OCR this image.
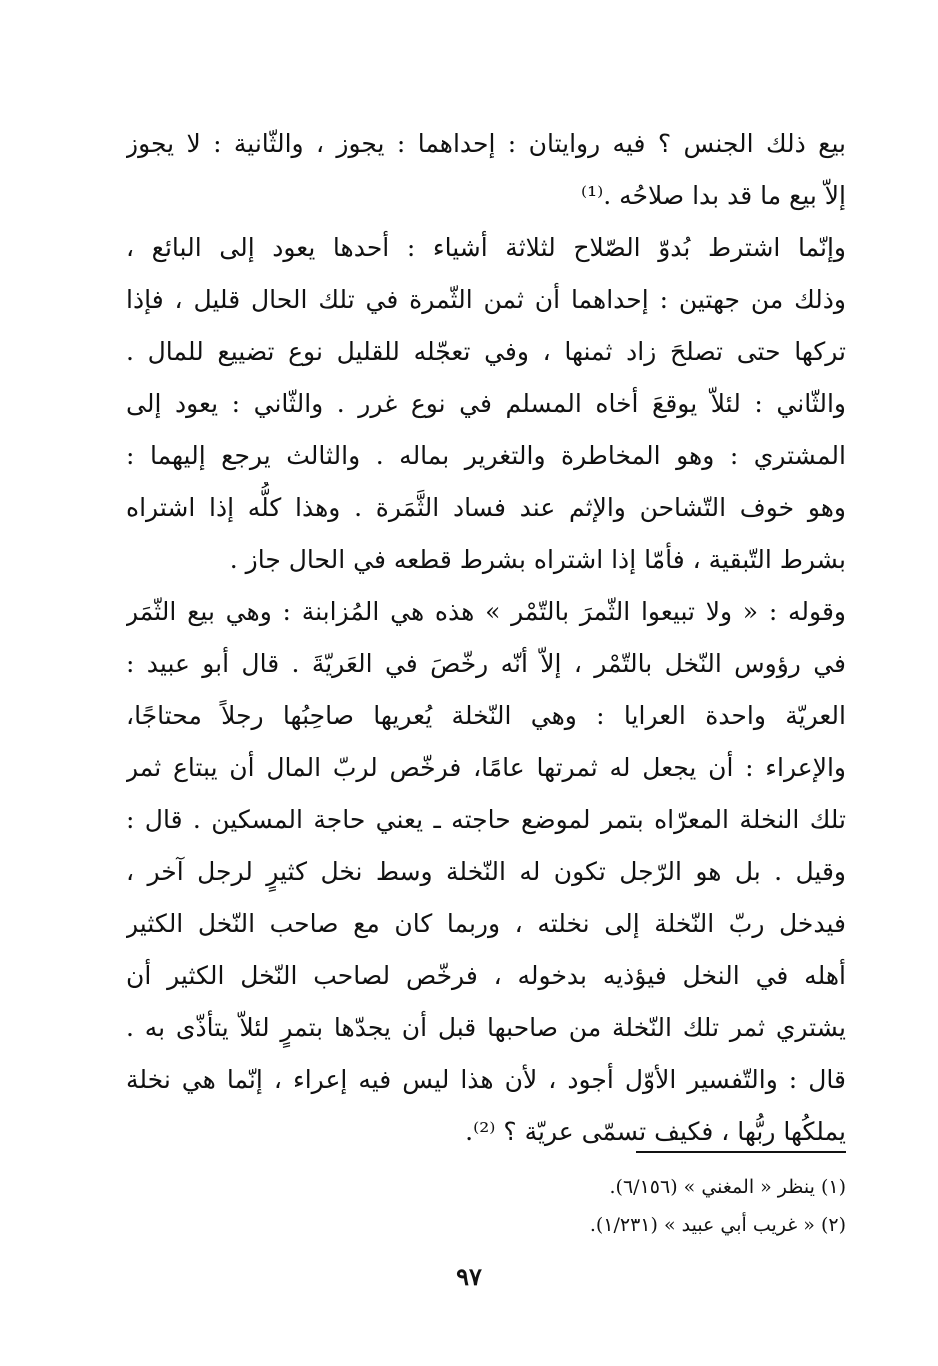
بيع ذلك الجنس ؟ فيه روايتان : إحداهما : يجوز ، والثّانية : لا يجوز
إلاّ بيع ما قد بدا صلاحُه .⁽¹⁾
وإنّما اشترط بُدوّ الصّلاح لثلاثة أشياء : أحدها يعود إلى البائع ،
وذلك من جهتين : إحداهما أن ثمن الثّمرة في تلك الحال قليل ، فإذا
تركها حتى تصلحَ زاد ثمنها ، وفي تعجّله للقليل نوع تضييع للمال .
والثّاني : لئلاّ يوقعَ أخاه المسلم في نوع غرر . والثّاني : يعود إلى
المشتري : وهو المخاطرة والتغرير بماله . والثالث يرجع إليهما :
وهو خوف التّشاحن والإثم عند فساد الثَّمَرة . وهذا كلُّه إذا اشتراه
بشرط التّبقية ، فأمّا إذا اشتراه بشرط قطعه في الحال جاز .
وقوله : « ولا تبيعوا الثّمرَ بالتّمْر » هذه هي المُزابنة : وهي بيع الثّمَر
في رؤوس النّخل بالتّمْر ، إلاّ أنّه رخّصَ في العَريّةَ . قال أبو عبيد :
العريّة واحدة العرايا : وهي النّخلة يُعريها صاحِبُها رجلاً محتاجًا،
والإعراء : أن يجعل له ثمرتها عامًا، فرخّص لربّ المال أن يبتاع ثمر
تلك النخلة المعرّاه بتمر لموضع حاجته ـ يعني حاجة المسكين . قال :
وقيل . بل هو الرّجل تكون له النّخلة وسط نخل كثيرٍ لرجل آخر ،
فيدخل ربّ النّخلة إلى نخلته ، وربما كان مع صاحب النّخل الكثير
أهله في النخل فيؤذيه بدخوله ، فرخّص لصاحب النّخل الكثير أن
يشتري ثمر تلك النّخلة من صاحبها قبل أن يجدّها بتمرٍ لئلاّ يتأذّى به .
قال : والتّفسير الأوّل أجود ، لأن هذا ليس فيه إعراء ، إنّما هي نخلة
يملكُها ربُّها ، فكيف تسمّى عريّة ؟ ⁽²⁾.
(١) ينظر « المغني » (٦/١٥٦).
(٢) « غريب أبي عبيد » (١/٢٣١).
٩٧
